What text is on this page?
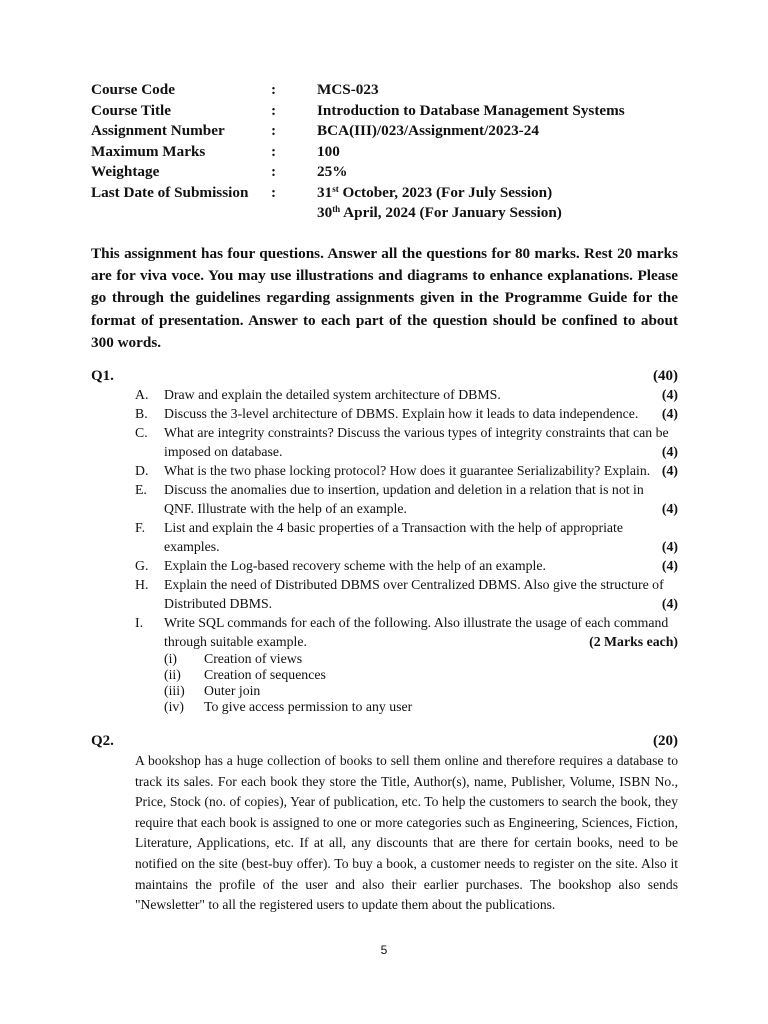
Course Code	:	MCS-023
Course Title	:	Introduction to Database Management Systems
Assignment Number	:	BCA(III)/023/Assignment/2023-24
Maximum Marks	:	100
Weightage	:	25%
Last Date of Submission	:	31st October, 2023 (For July Session)
30th April, 2024 (For January Session)
This assignment has four questions. Answer all the questions for 80 marks. Rest 20 marks are for viva voce. You may use illustrations and diagrams to enhance explanations. Please go through the guidelines regarding assignments given in the Programme Guide for the format of presentation. Answer to each part of the question should be confined to about 300 words.
Q1.	(40)
A. Draw and explain the detailed system architecture of DBMS.	(4)
B. Discuss the 3-level architecture of DBMS. Explain how it leads to data independence.	(4)
C. What are integrity constraints? Discuss the various types of integrity constraints that can be imposed on database.	(4)
D. What is the two phase locking protocol? How does it guarantee Serializability? Explain. (4)
E. Discuss the anomalies due to insertion, updation and deletion in a relation that is not in QNF. Illustrate with the help of an example.	(4)
F. List and explain the 4 basic properties of a Transaction with the help of appropriate examples.	(4)
G. Explain the Log-based recovery scheme with the help of an example.	(4)
H. Explain the need of Distributed DBMS over Centralized DBMS. Also give the structure of Distributed DBMS.	(4)
I. Write SQL commands for each of the following. Also illustrate the usage of each command through suitable example.	(2 Marks each)
(i) Creation of views
(ii) Creation of sequences
(iii) Outer join
(iv) To give access permission to any user
Q2.	(20)
A bookshop has a huge collection of books to sell them online and therefore requires a database to track its sales. For each book they store the Title, Author(s), name, Publisher, Volume, ISBN No., Price, Stock (no. of copies), Year of publication, etc. To help the customers to search the book, they require that each book is assigned to one or more categories such as Engineering, Sciences, Fiction, Literature, Applications, etc. If at all, any discounts that are there for certain books, need to be notified on the site (best-buy offer). To buy a book, a customer needs to register on the site. Also it maintains the profile of the user and also their earlier purchases. The bookshop also sends "Newsletter" to all the registered users to update them about the publications.
5
